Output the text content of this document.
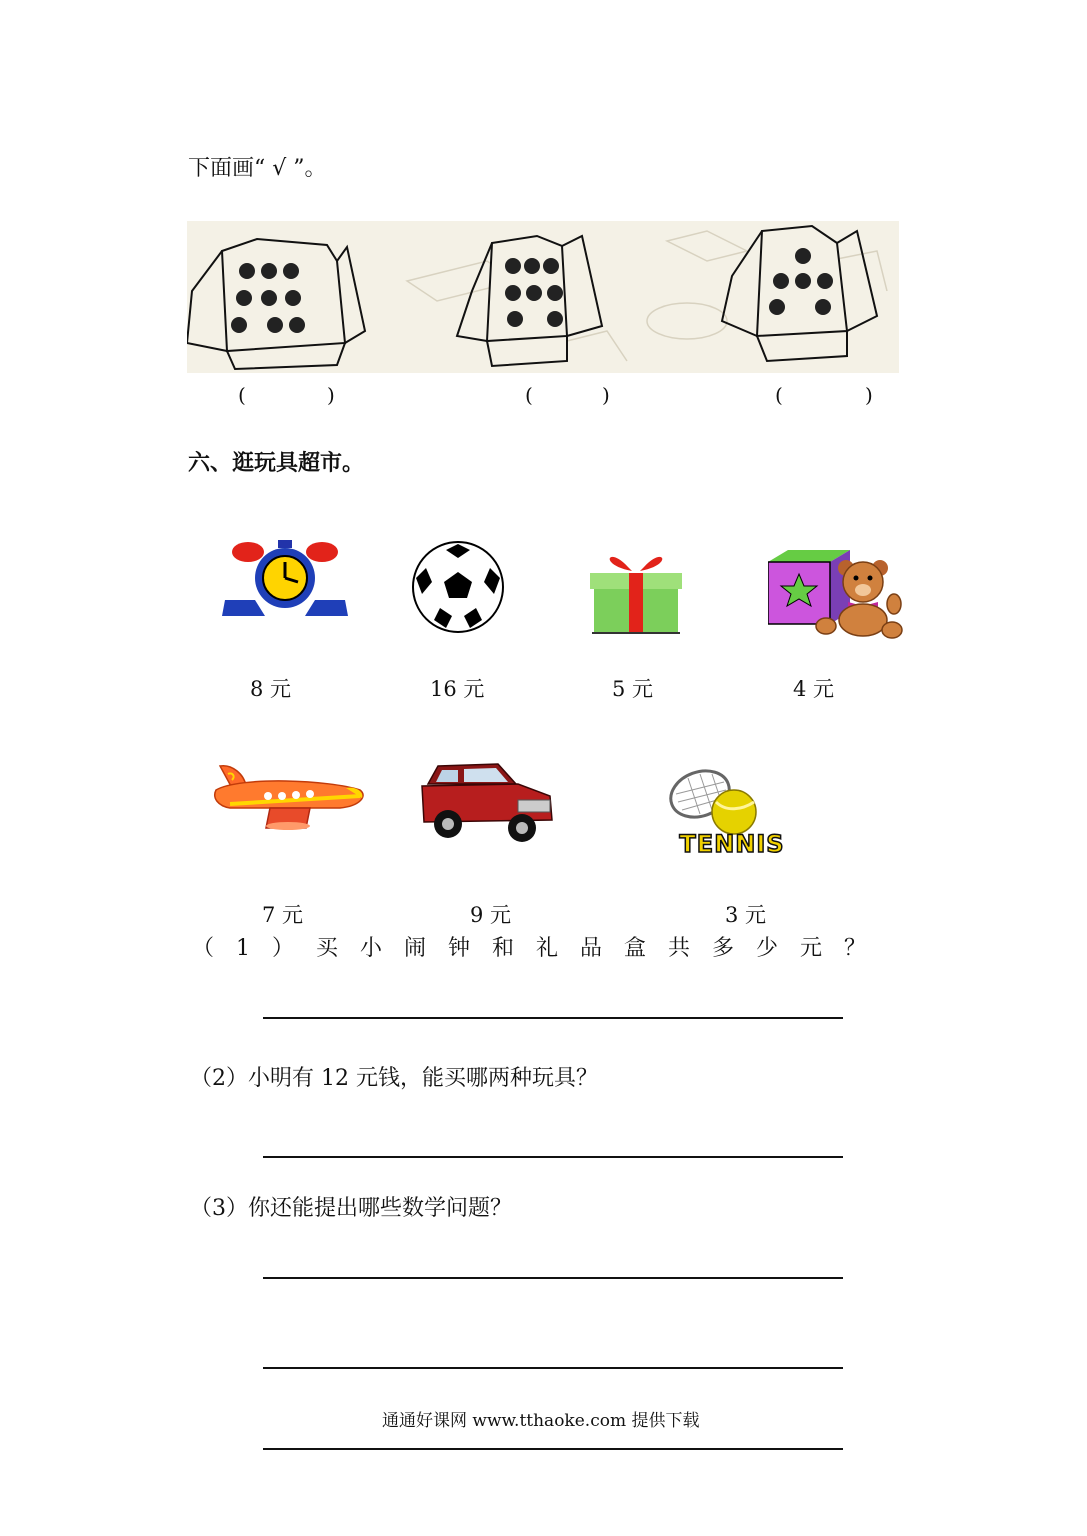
下面画“ √ ”。
(	)	(	)	(	)
六、逛玩具超市。
8 元	16 元	5 元	4 元
TENNIS
7 元	9 元	3 元
（1）买小闹钟和礼品盒共多少元？
（2）小明有 12 元钱，能买哪两种玩具？
（3）你还能提出哪些数学问题？
通通好课网 www.tthaoke.com 提供下载
